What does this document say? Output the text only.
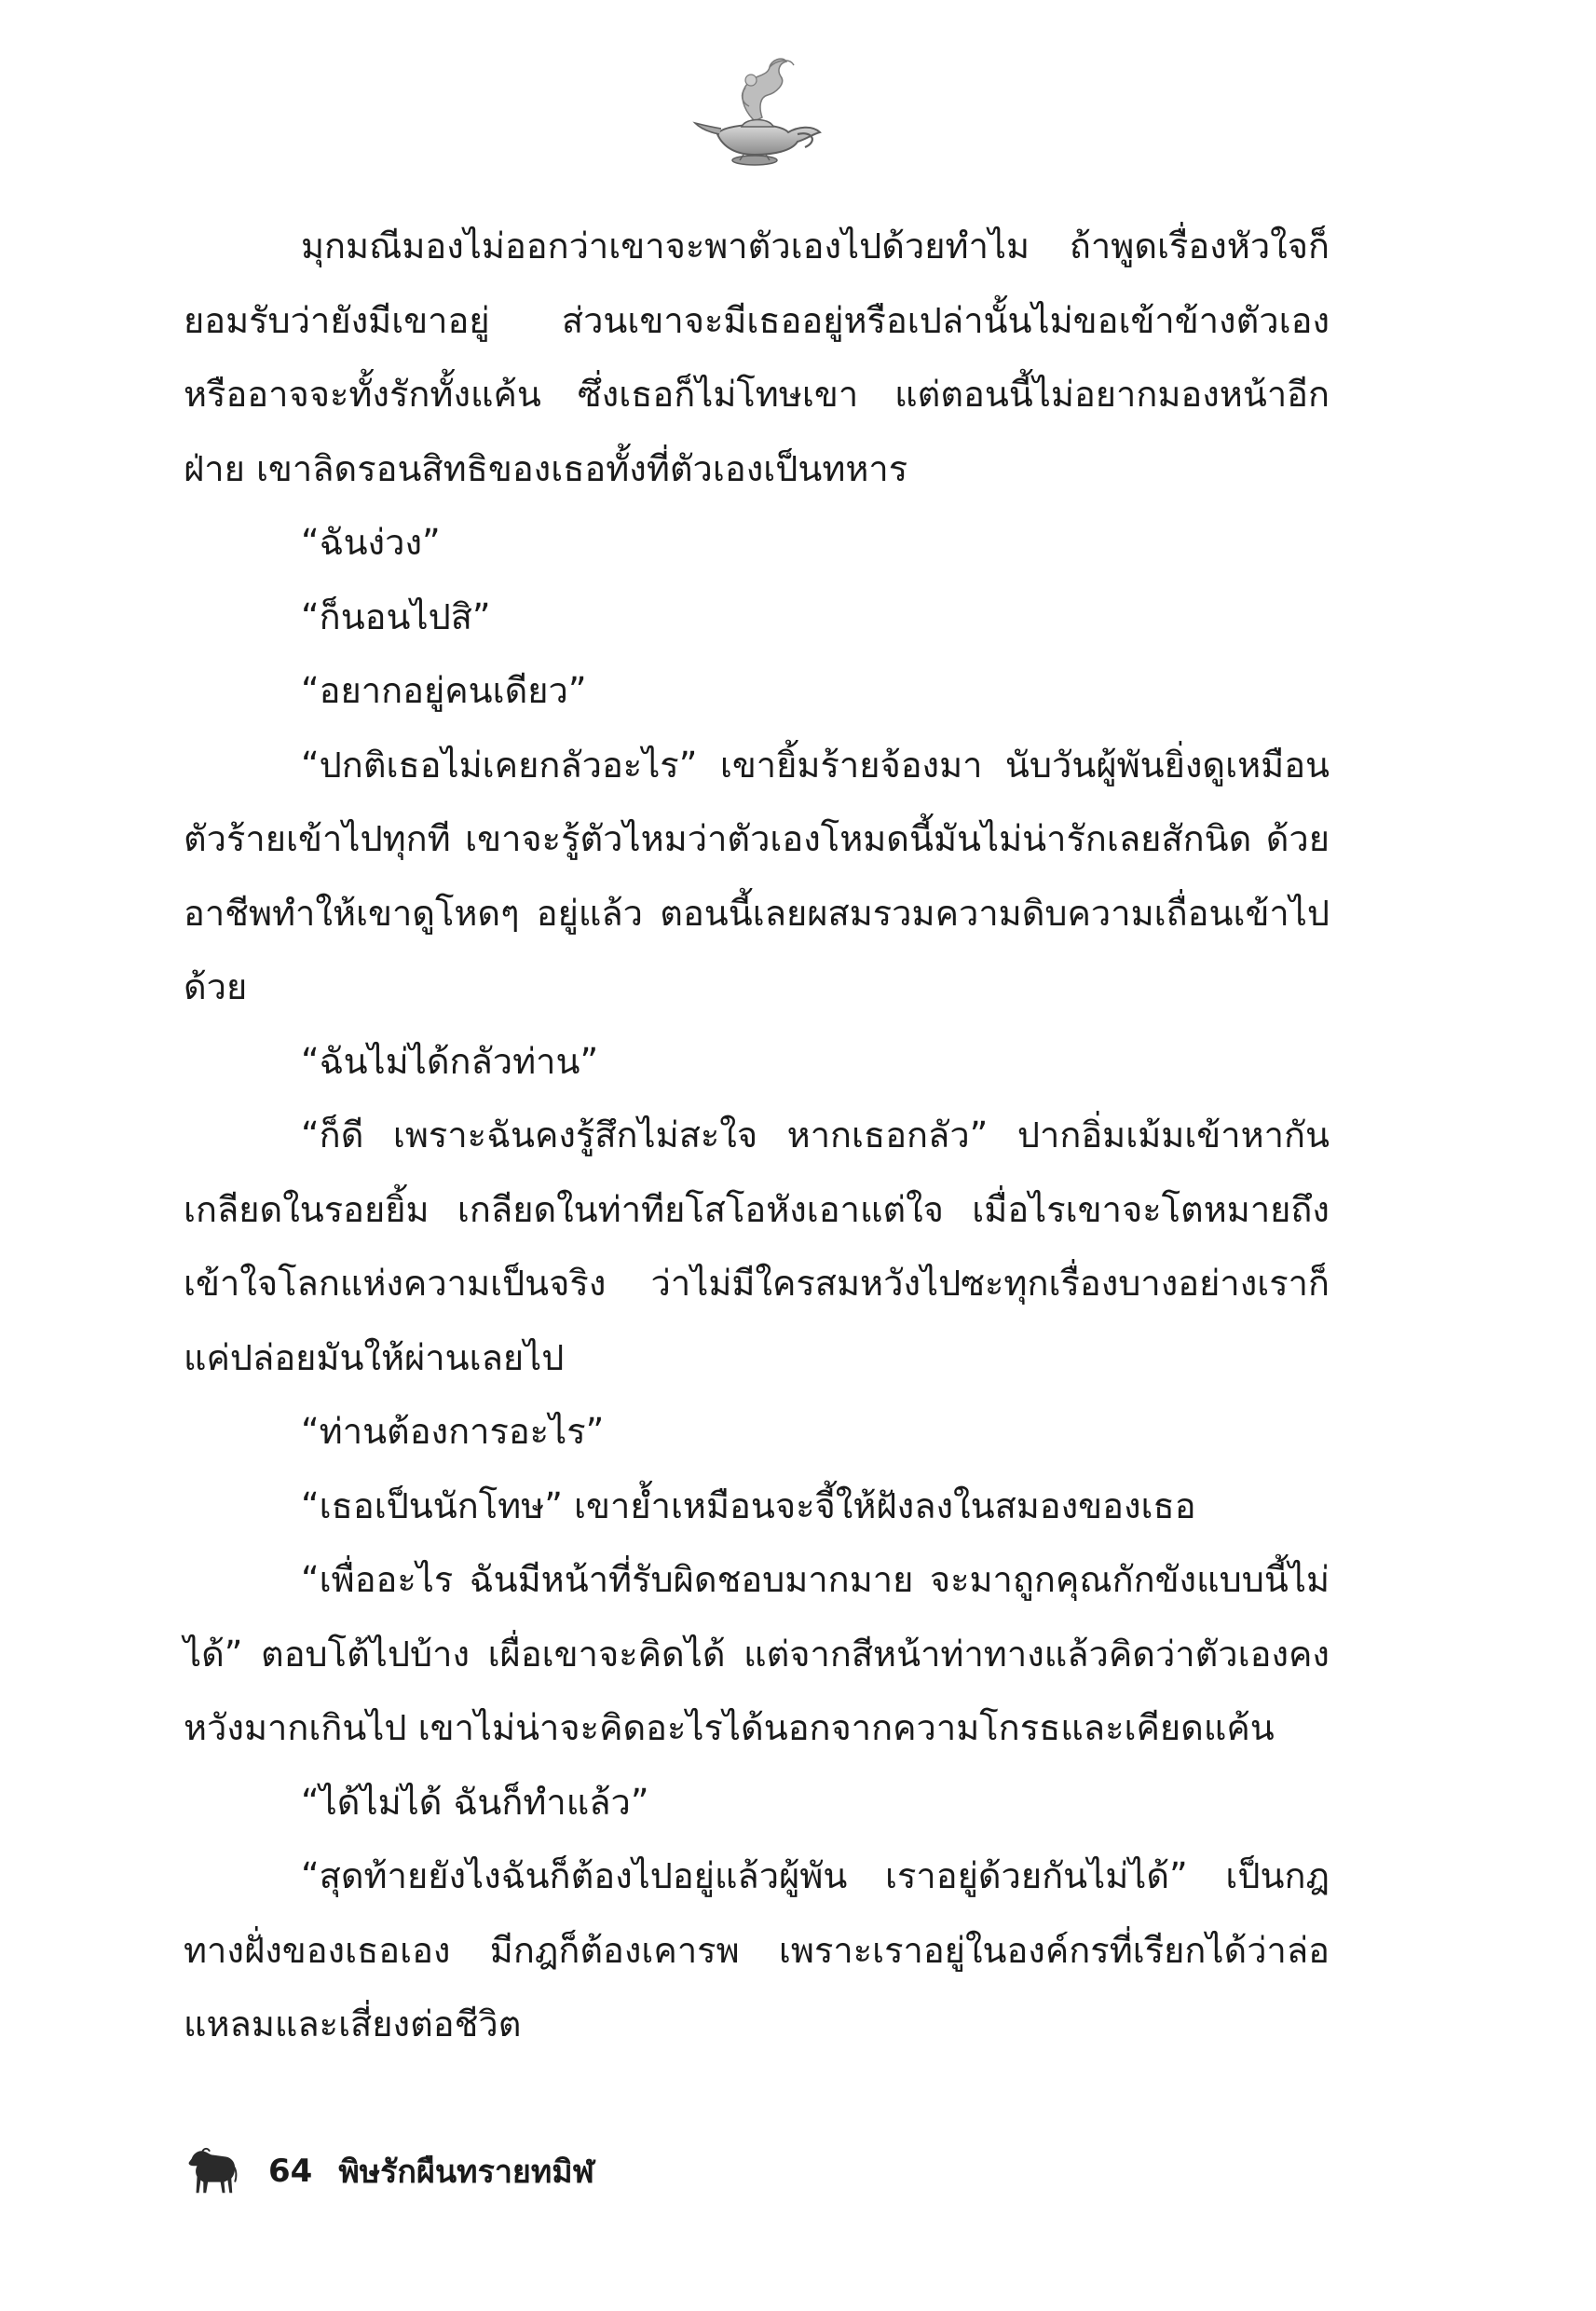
มุกมณีมองไม่ออกว่าเขาจะพาตัวเองไปด้วยทำไม ถ้าพูดเรื่องหัวใจก็ยอมรับว่ายังมีเขาอยู่ ส่วนเขาจะมีเธออยู่หรือเปล่านั้นไม่ขอเข้าข้างตัวเอง หรืออาจจะทั้งรักทั้งแค้น ซึ่งเธอก็ไม่โทษเขา แต่ตอนนี้ไม่อยากมองหน้าอีกฝ่าย เขาลิดรอนสิทธิของเธอทั้งที่ตัวเองเป็นทหาร

“ฉันง่วง”

“ก็นอนไปสิ”

“อยากอยู่คนเดียว”

“ปกติเธอไม่เคยกลัวอะไร” เขายิ้มร้ายจ้องมา นับวันผู้พันยิ่งดูเหมือนตัวร้ายเข้าไปทุกที เขาจะรู้ตัวไหมว่าตัวเองโหมดนี้มันไม่น่ารักเลยสักนิด ด้วยอาชีพทำให้เขาดูโหดๆ อยู่แล้ว ตอนนี้เลยผสมรวมความดิบความเถื่อนเข้าไปด้วย

“ฉันไม่ได้กลัวท่าน”

“ก็ดี เพราะฉันคงรู้สึกไม่สะใจ หากเธอกลัว” ปากอิ่มเม้มเข้าหากันเกลียดในรอยยิ้ม เกลียดในท่าทียโสโอหังเอาแต่ใจ เมื่อไรเขาจะโตหมายถึงเข้าใจโลกแห่งความเป็นจริง ว่าไม่มีใครสมหวังไปซะทุกเรื่องบางอย่างเราก็แค่ปล่อยมันให้ผ่านเลยไป

“ท่านต้องการอะไร”

“เธอเป็นนักโทษ” เขาย้ำเหมือนจะจี้ให้ฝังลงในสมองของเธอ

“เพื่ออะไร ฉันมีหน้าที่รับผิดชอบมากมาย จะมาถูกคุณกักขังแบบนี้ไม่ได้” ตอบโต้ไปบ้าง เผื่อเขาจะคิดได้ แต่จากสีหน้าท่าทางแล้วคิดว่าตัวเองคงหวังมากเกินไป เขาไม่น่าจะคิดอะไรได้นอกจากความโกรธและเคียดแค้น

“ได้ไม่ได้ ฉันก็ทำแล้ว”

“สุดท้ายยังไงฉันก็ต้องไปอยู่แล้วผู้พัน เราอยู่ด้วยกันไม่ได้” เป็นกฎทางฝั่งของเธอเอง มีกฎก็ต้องเคารพ เพราะเราอยู่ในองค์กรที่เรียกได้ว่าล่อแหลมและเสี่ยงต่อชีวิต

64 พิษรักผืนทรายทมิฬ
